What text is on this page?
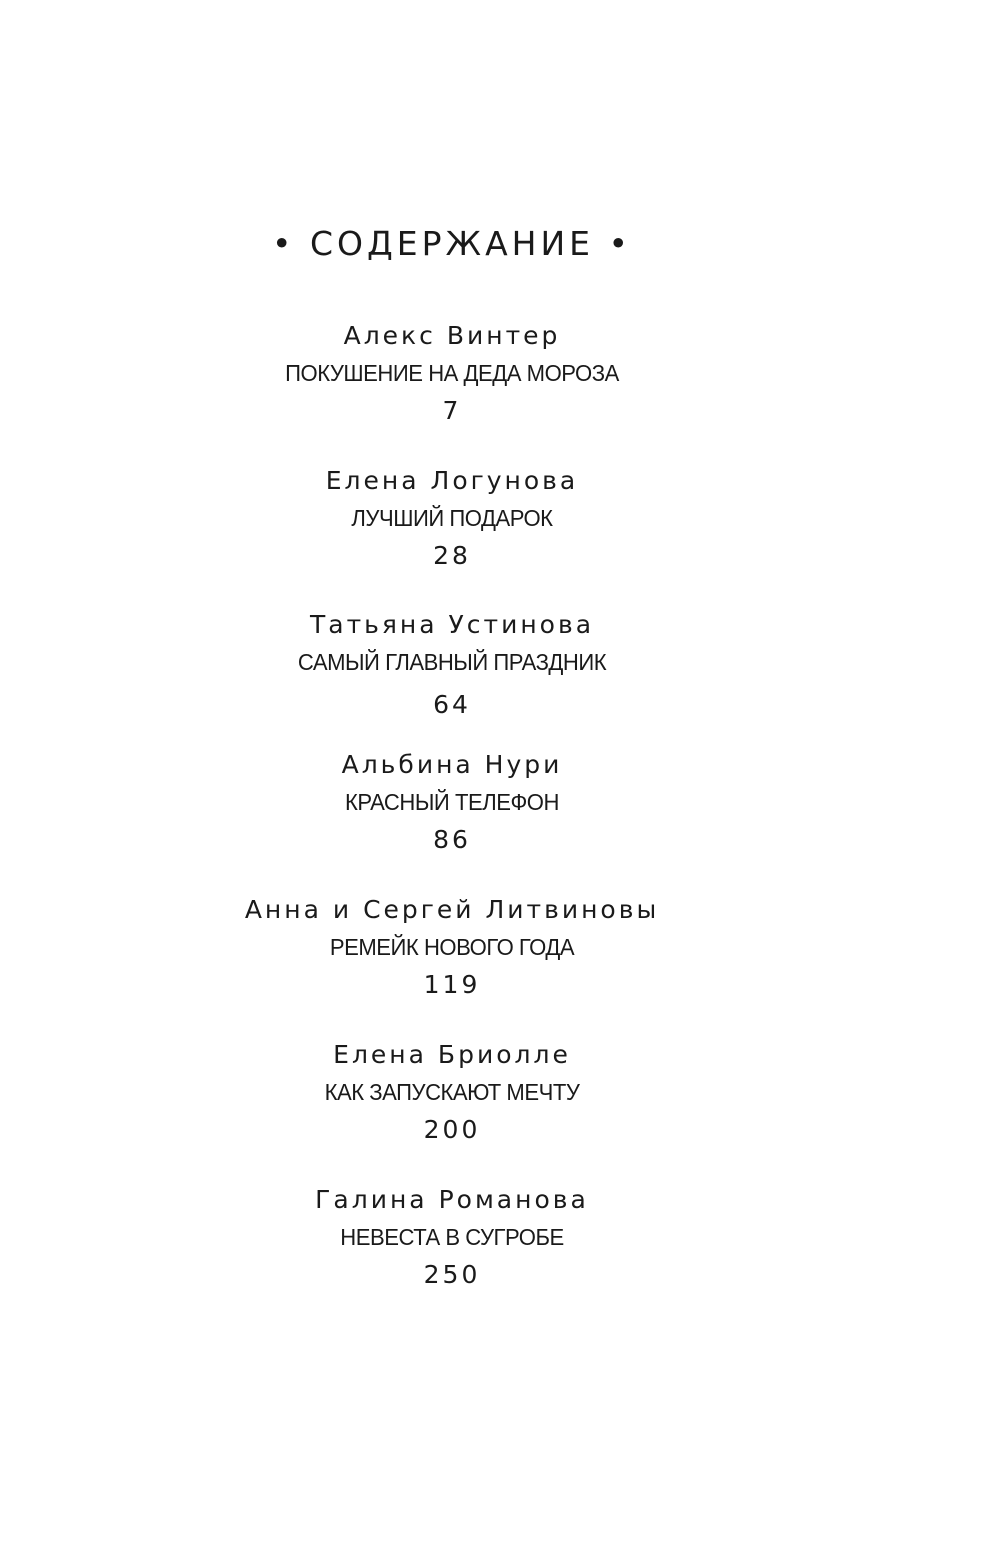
• СОДЕРЖАНИЕ •
Алекс Винтер
ПОКУШЕНИЕ НА ДЕДА МОРОЗА
7
Елена Логунова
ЛУЧШИЙ ПОДАРОК
28
Татьяна Устинова
САМЫЙ ГЛАВНЫЙ ПРАЗДНИК
64
Альбина Нури
КРАСНЫЙ ТЕЛЕФОН
86
Анна и Сергей Литвиновы
РЕМЕЙК НОВОГО ГОДА
119
Елена Бриолле
КАК ЗАПУСКАЮТ МЕЧТУ
200
Галина Романова
НЕВЕСТА В СУГРОБЕ
250
